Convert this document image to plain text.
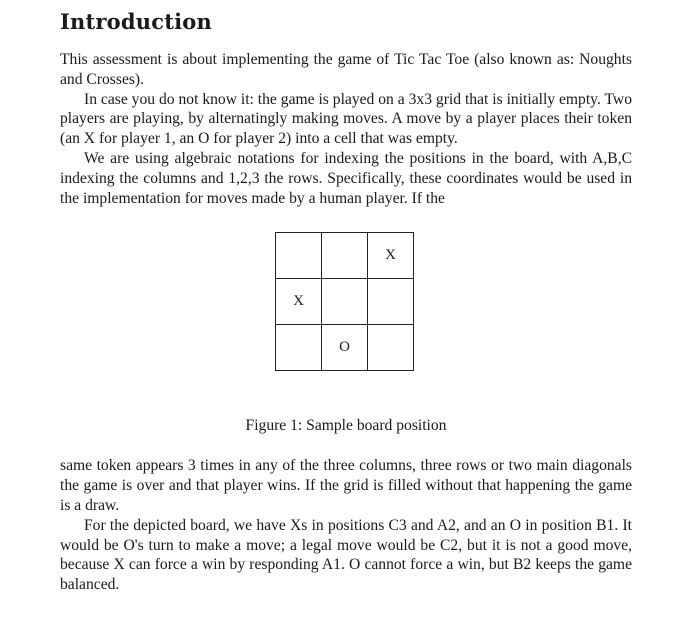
Introduction

This assessment is about implementing the game of Tic Tac Toe (also known as: Noughts and Crosses).

In case you do not know it: the game is played on a 3x3 grid that is initially empty. Two players are playing, by alternatingly making moves. A move by a player places their token (an X for player 1, an O for player 2) into a cell that was empty.

We are using algebraic notations for indexing the positions in the board, with A,B,C indexing the columns and 1,2,3 the rows. Specifically, these coordinates would be used in the implementation for moves made by a human player. If the

X
X
O
Figure 1: Sample board position

same token appears 3 times in any of the three columns, three rows or two main diagonals the game is over and that player wins. If the grid is filled without that happening the game is a draw.

For the depicted board, we have Xs in positions C3 and A2, and an O in position B1. It would be O's turn to make a move; a legal move would be C2, but it is not a good move, because X can force a win by responding A1. O cannot force a win, but B2 keeps the game balanced.
